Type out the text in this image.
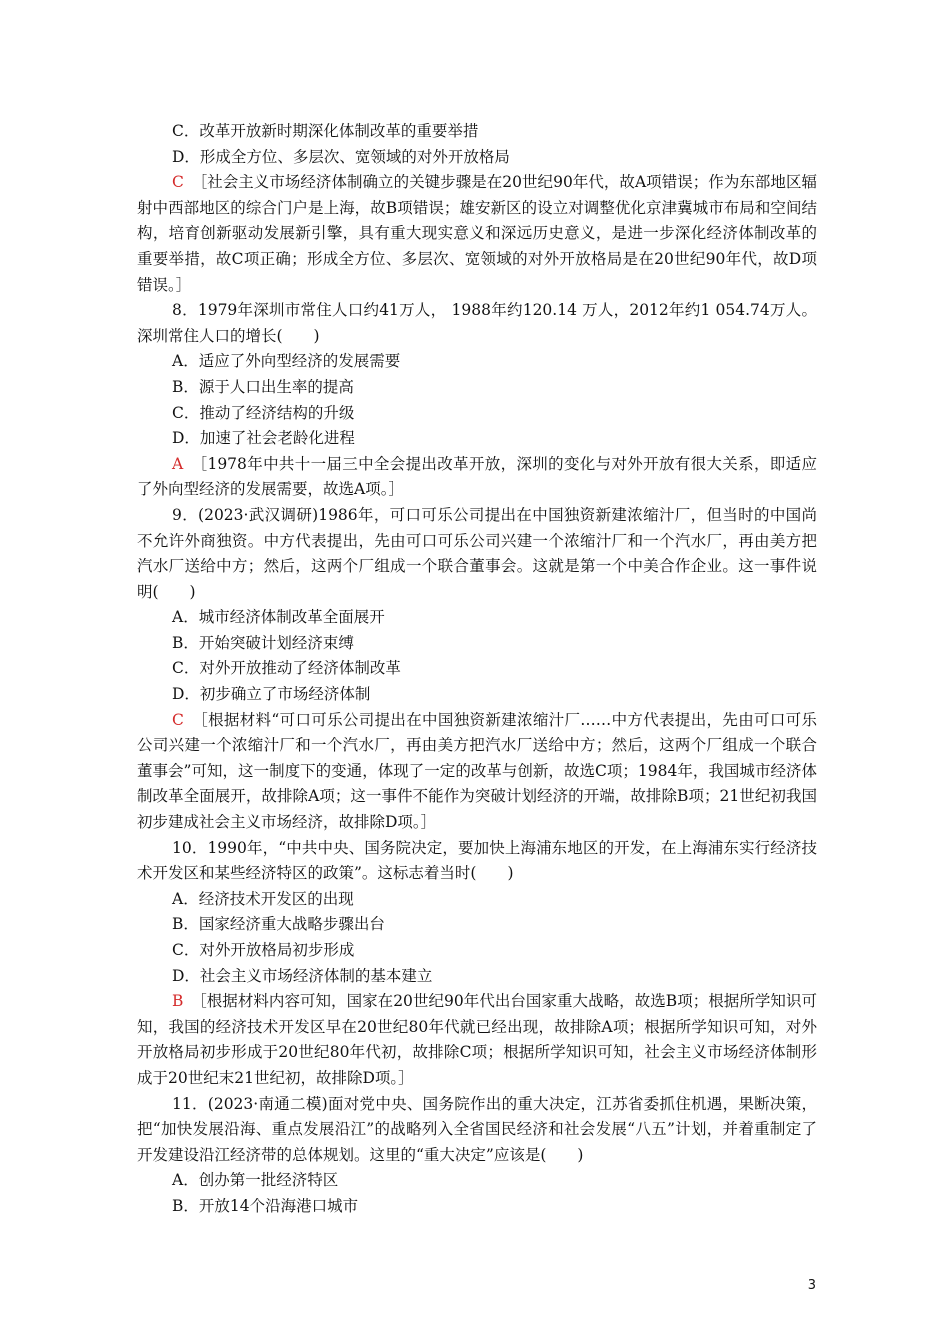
C．改革开放新时期深化体制改革的重要举措

D．形成全方位、多层次、宽领域的对外开放格局

C　 ［社会主义市场经济体制确立的关键步骤是在20世纪90年代，故A项错误；作为东部地区辐射中西部地区的综合门户是上海，故B项错误；雄安新区的设立对调整优化京津冀城市布局和空间结构，培育创新驱动发展新引擎，具有重大现实意义和深远历史意义，是进一步深化经济体制改革的重要举措，故C项正确；形成全方位、多层次、宽领域的对外开放格局是在20世纪90年代，故D项错误。］

8．1979年深圳市常住人口约41万人， 1988年约120.14 万人，2012年约1 054.74万人。深圳常住人口的增长(　　)

A．适应了外向型经济的发展需要

B．源于人口出生率的提高

C．推动了经济结构的升级

D．加速了社会老龄化进程

A　 ［1978年中共十一届三中全会提出改革开放，深圳的变化与对外开放有很大关系，即适应了外向型经济的发展需要，故选A项。］

9．(2023·武汉调研)1986年，可口可乐公司提出在中国独资新建浓缩汁厂，但当时的中国尚不允许外商独资。中方代表提出，先由可口可乐公司兴建一个浓缩汁厂和一个汽水厂，再由美方把汽水厂送给中方；然后，这两个厂组成一个联合董事会。这就是第一个中美合作企业。这一事件说明(　　)

A．城市经济体制改革全面展开

B．开始突破计划经济束缚

C．对外开放推动了经济体制改革

D．初步确立了市场经济体制

C　 ［根据材料“可口可乐公司提出在中国独资新建浓缩汁厂……中方代表提出，先由可口可乐公司兴建一个浓缩汁厂和一个汽水厂，再由美方把汽水厂送给中方；然后，这两个厂组成一个联合董事会”可知，这一制度下的变通，体现了一定的改革与创新，故选C项；1984年，我国城市经济体制改革全面展开，故排除A项；这一事件不能作为突破计划经济的开端，故排除B项；21世纪初我国初步建成社会主义市场经济，故排除D项。］

10．1990年，“中共中央、国务院决定，要加快上海浦东地区的开发，在上海浦东实行经济技术开发区和某些经济特区的政策”。这标志着当时(　　)

A．经济技术开发区的出现

B．国家经济重大战略步骤出台

C．对外开放格局初步形成

D．社会主义市场经济体制的基本建立

B　 ［根据材料内容可知，国家在20世纪90年代出台国家重大战略，故选B项；根据所学知识可知，我国的经济技术开发区早在20世纪80年代就已经出现，故排除A项；根据所学知识可知，对外开放格局初步形成于20世纪80年代初，故排除C项；根据所学知识可知，社会主义市场经济体制形成于20世纪末21世纪初，故排除D项。］

11．(2023·南通二模)面对党中央、国务院作出的重大决定，江苏省委抓住机遇，果断决策，把“加快发展沿海、重点发展沿江”的战略列入全省国民经济和社会发展“八五”计划，并着重制定了开发建设沿江经济带的总体规划。这里的“重大决定”应该是(　　)

A．创办第一批经济特区

B．开放14个沿海港口城市

3
